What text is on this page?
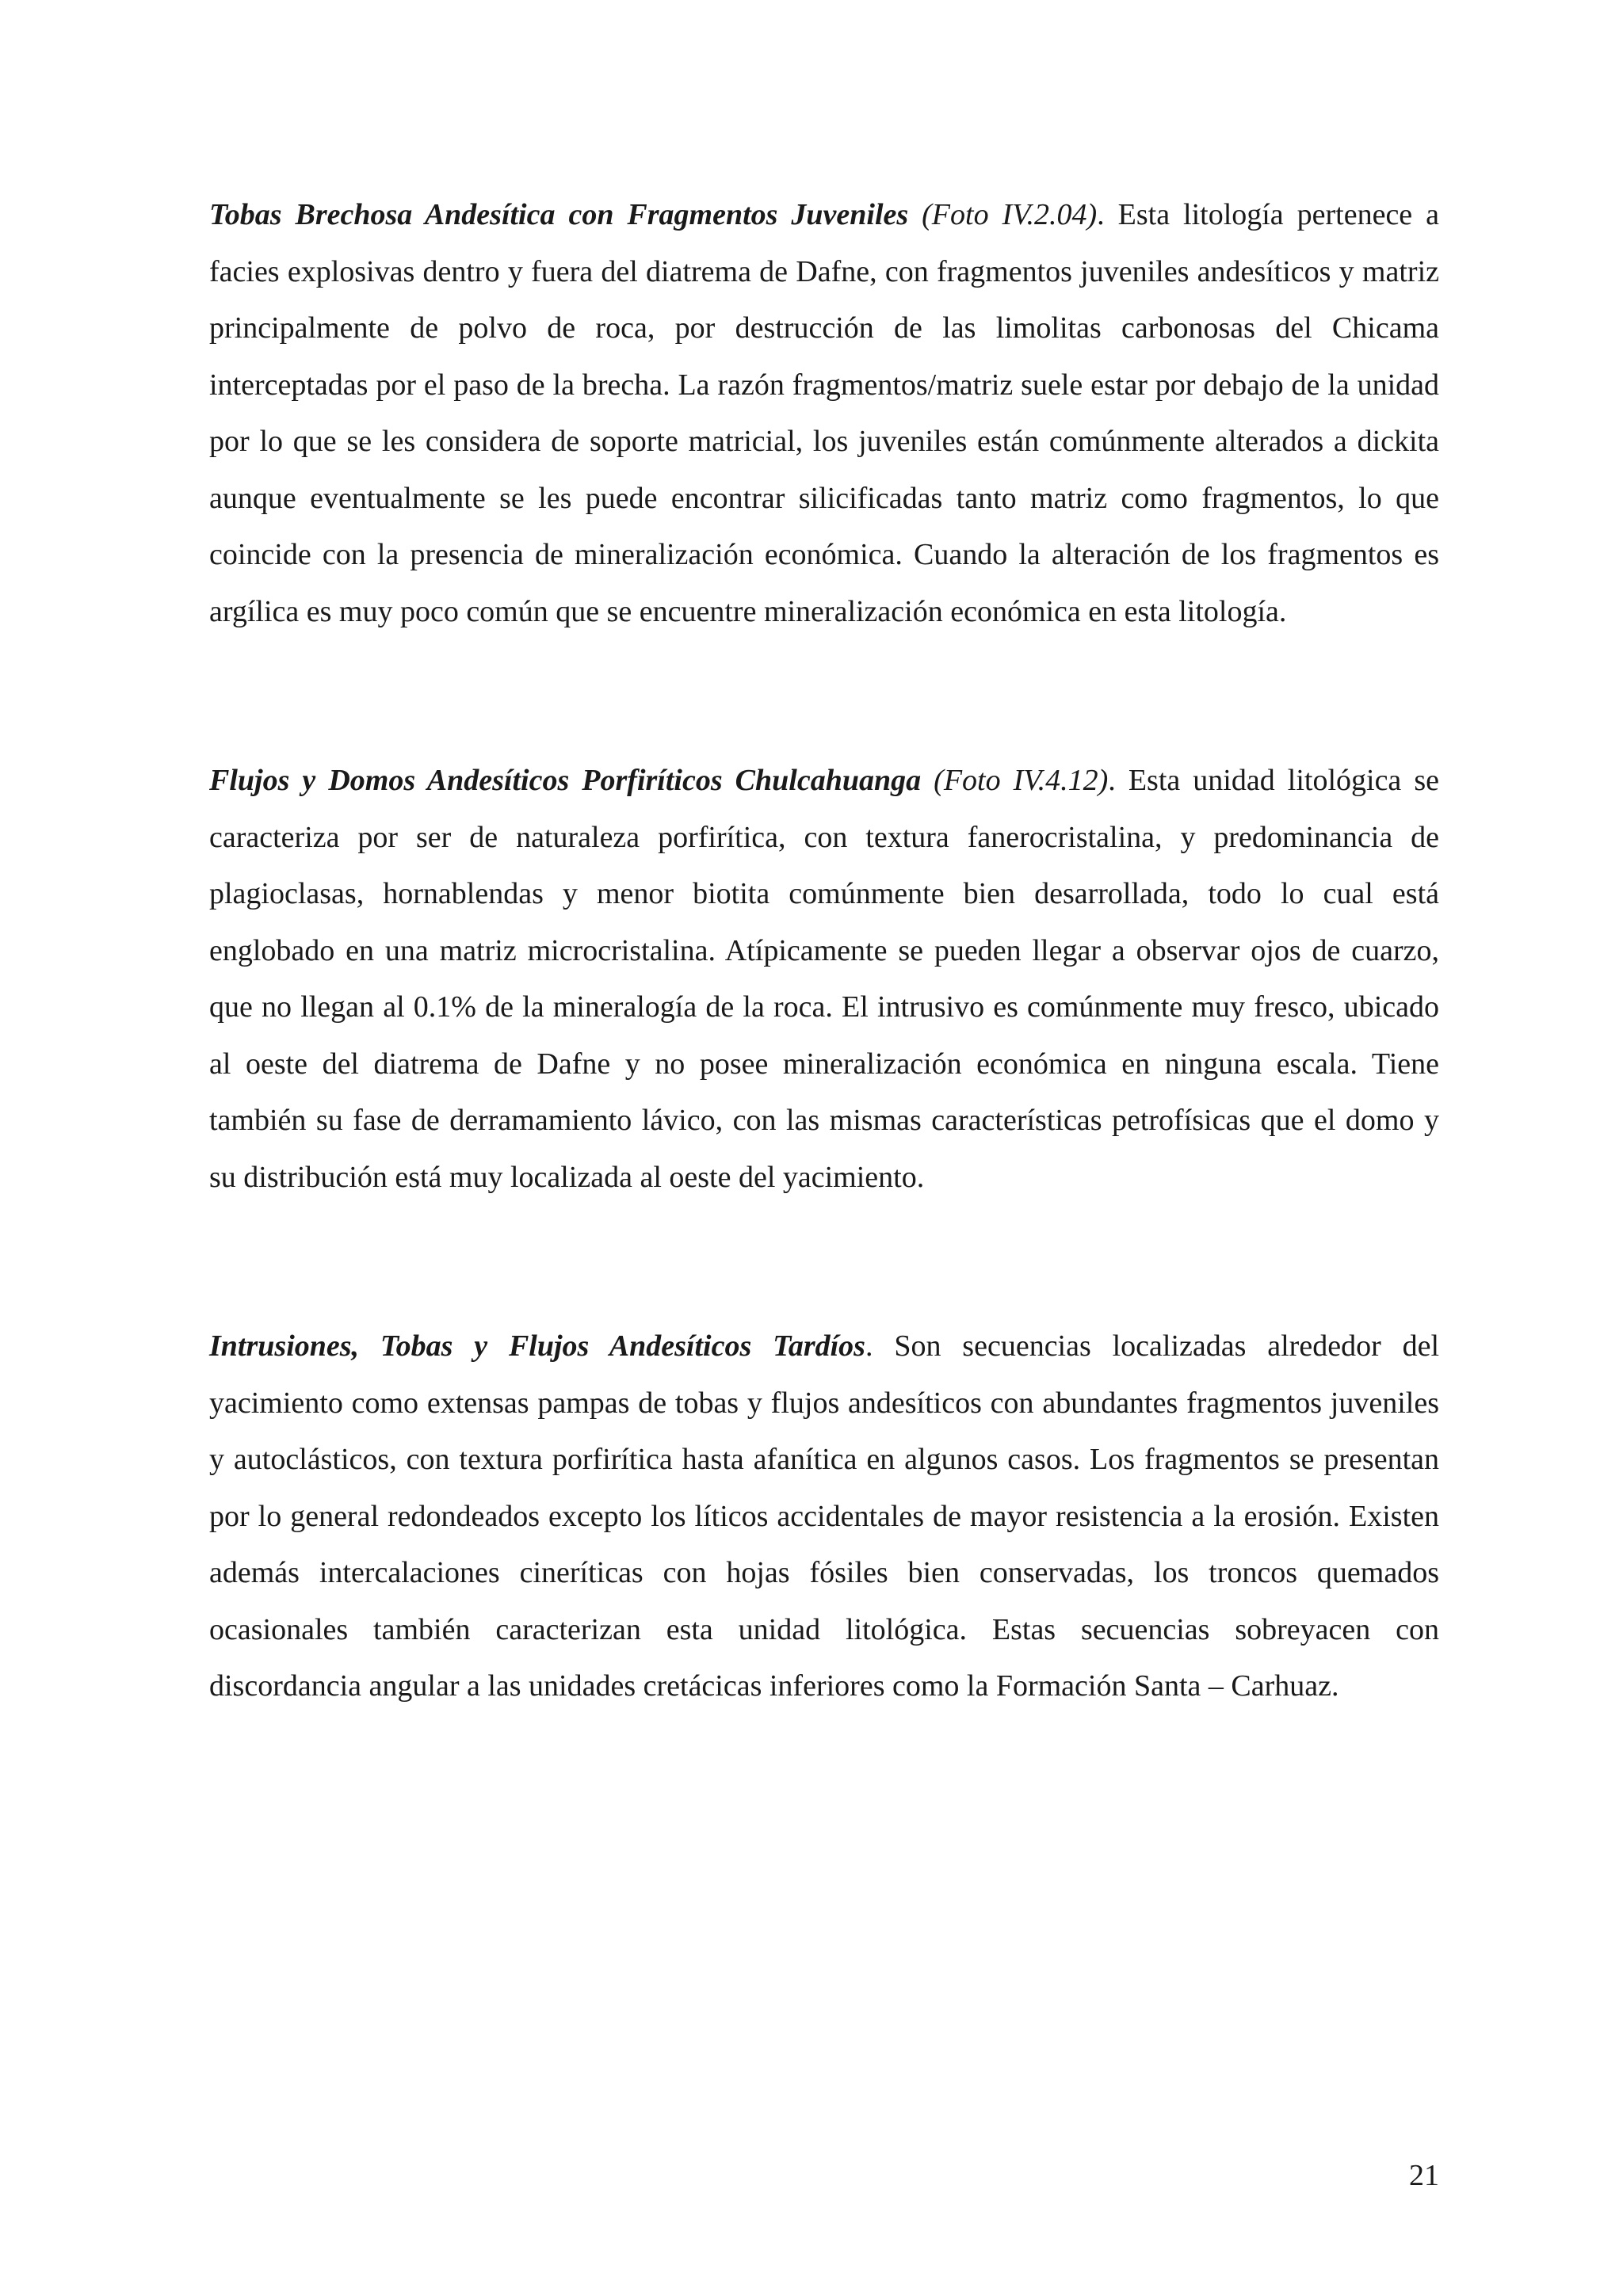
Tobas Brechosa Andesítica con Fragmentos Juveniles (Foto IV.2.04). Esta litología pertenece a facies explosivas dentro y fuera del diatrema de Dafne, con fragmentos juveniles andesíticos y matriz principalmente de polvo de roca, por destrucción de las limolitas carbonosas del Chicama interceptadas por el paso de la brecha. La razón fragmentos/matriz suele estar por debajo de la unidad por lo que se les considera de soporte matricial, los juveniles están comúnmente alterados a dickita aunque eventualmente se les puede encontrar silicificadas tanto matriz como fragmentos, lo que coincide con la presencia de mineralización económica. Cuando la alteración de los fragmentos es argílica es muy poco común que se encuentre mineralización económica en esta litología.

Flujos y Domos Andesíticos Porfiríticos Chulcahuanga (Foto IV.4.12). Esta unidad litológica se caracteriza por ser de naturaleza porfirítica, con textura fanerocristalina, y predominancia de plagioclasas, hornablendas y menor biotita comúnmente bien desarrollada, todo lo cual está englobado en una matriz microcristalina. Atípicamente se pueden llegar a observar ojos de cuarzo, que no llegan al 0.1% de la mineralogía de la roca. El intrusivo es comúnmente muy fresco, ubicado al oeste del diatrema de Dafne y no posee mineralización económica en ninguna escala. Tiene también su fase de derramamiento lávico, con las mismas características petrofísicas que el domo y su distribución está muy localizada al oeste del yacimiento.

Intrusiones, Tobas y Flujos Andesíticos Tardíos. Son secuencias localizadas alrededor del yacimiento como extensas pampas de tobas y flujos andesíticos con abundantes fragmentos juveniles y autoclásticos, con textura porfirítica hasta afanítica en algunos casos. Los fragmentos se presentan por lo general redondeados excepto los líticos accidentales de mayor resistencia a la erosión. Existen además intercalaciones cineríticas con hojas fósiles bien conservadas, los troncos quemados ocasionales también caracterizan esta unidad litológica. Estas secuencias sobreyacen con discordancia angular a las unidades cretácicas inferiores como la Formación Santa – Carhuaz.

21
